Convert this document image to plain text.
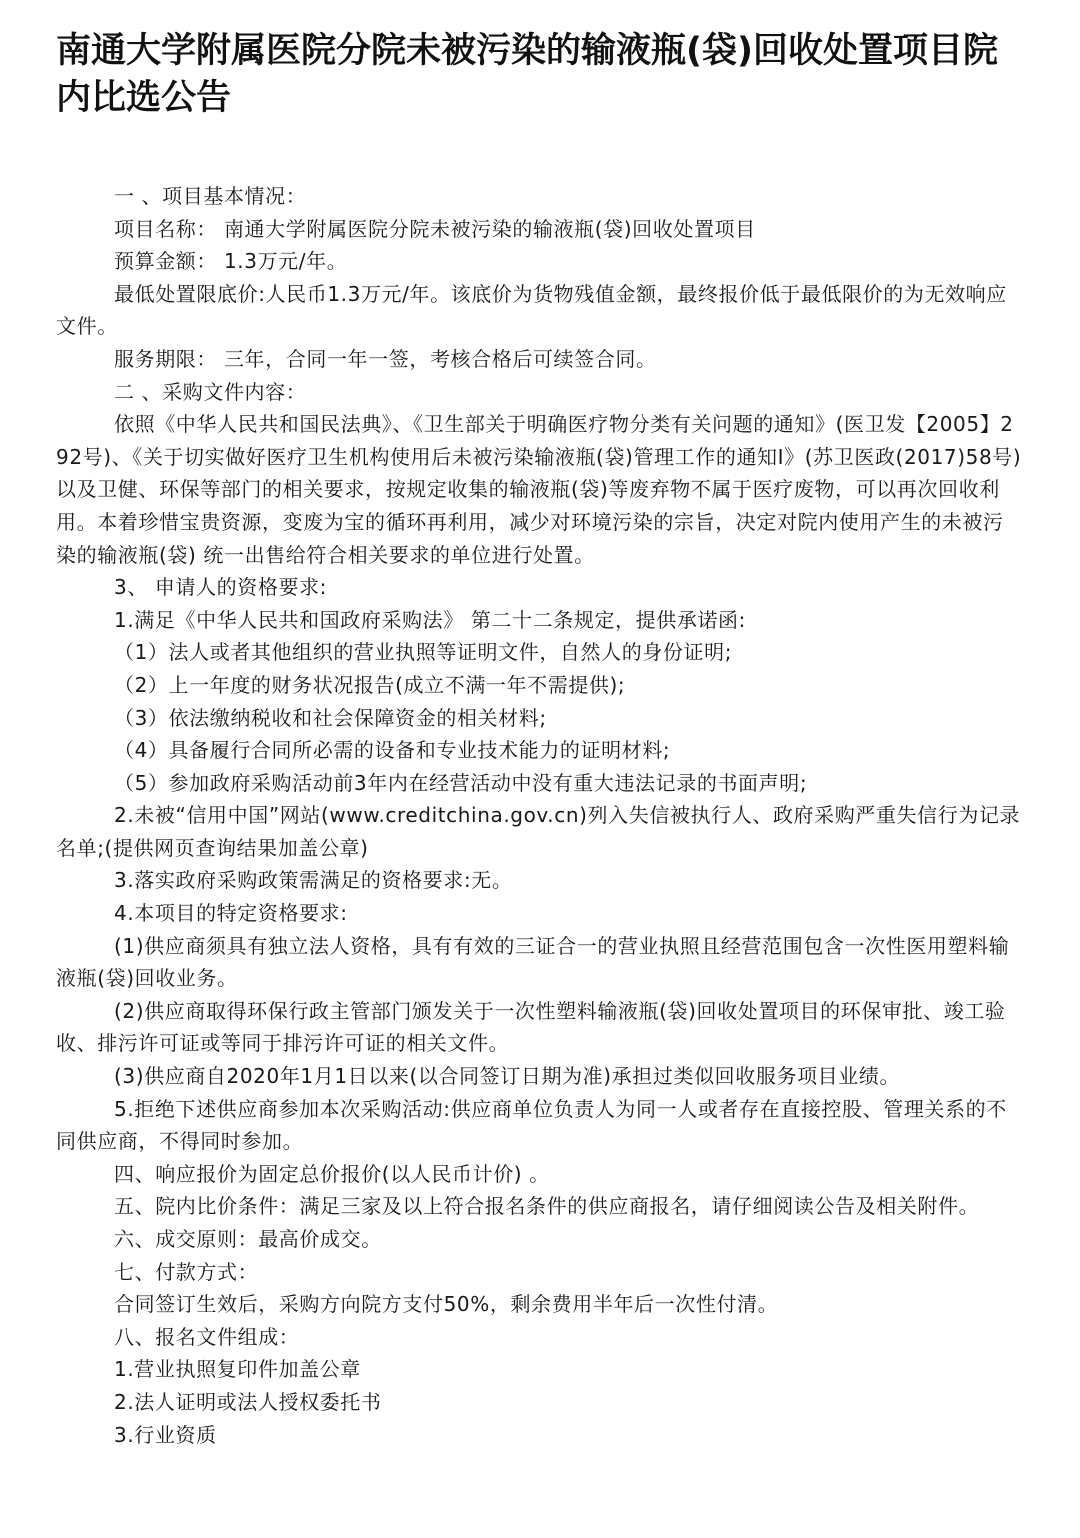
南通大学附属医院分院未被污染的输液瓶(袋)回收处置项目院内比选公告

一 、项目基本情况：

项目名称： 南通大学附属医院分院未被污染的输液瓶(袋)回收处置项目

预算金额： 1.3万元/年。

最低处置限底价:人民币1.3万元/年。该底价为货物残值金额，最终报价低于最低限价的为无效响应文件。

服务期限： 三年，合同一年一签，考核合格后可续签合同。

二 、采购文件内容：

依照《中华人民共和国民法典》、《卫生部关于明确医疗物分类有关问题的通知》(医卫发【2005】292号)、《关于切实做好医疗卫生机构使用后未被污染输液瓶(袋)管理工作的通知I》(苏卫医政(2017)58号)以及卫健、环保等部门的相关要求，按规定收集的输液瓶(袋)等废弃物不属于医疗废物，可以再次回收利用。本着珍惜宝贵资源，变废为宝的循环再利用，减少对环境污染的宗旨，决定对院内使用产生的未被污染的输液瓶(袋) 统一出售给符合相关要求的单位进行处置。

3、 申请人的资格要求:

1.满足《中华人民共和国政府采购法》 第二十二条规定，提供承诺函:

（1）法人或者其他组织的营业执照等证明文件，自然人的身份证明;

（2）上一年度的财务状况报告(成立不满一年不需提供);

（3）依法缴纳税收和社会保障资金的相关材料;

（4）具备履行合同所必需的设备和专业技术能力的证明材料;

（5）参加政府采购活动前3年内在经营活动中没有重大违法记录的书面声明;

2.未被“信用中国”网站(www.creditchina.gov.cn)列入失信被执行人、政府采购严重失信行为记录名单;(提供网页查询结果加盖公章)

3.落实政府采购政策需满足的资格要求:无。

4.本项目的特定资格要求:

(1)供应商须具有独立法人资格，具有有效的三证合一的营业执照且经营范围包含一次性医用塑料输液瓶(袋)回收业务。

(2)供应商取得环保行政主管部门颁发关于一次性塑料输液瓶(袋)回收处置项目的环保审批、竣工验收、排污许可证或等同于排污许可证的相关文件。

(3)供应商自2020年1月1日以来(以合同签订日期为准)承担过类似回收服务项目业绩。

5.拒绝下述供应商参加本次采购活动:供应商单位负责人为同一人或者存在直接控股、管理关系的不同供应商，不得同时参加。

四、响应报价为固定总价报价(以人民币计价) 。

五、院内比价条件：满足三家及以上符合报名条件的供应商报名，请仔细阅读公告及相关附件。

六、成交原则：最高价成交。

七、付款方式：

合同签订生效后，采购方向院方支付50%，剩余费用半年后一次性付清。

八、报名文件组成：

1.营业执照复印件加盖公章

2.法人证明或法人授权委托书

3.行业资质
